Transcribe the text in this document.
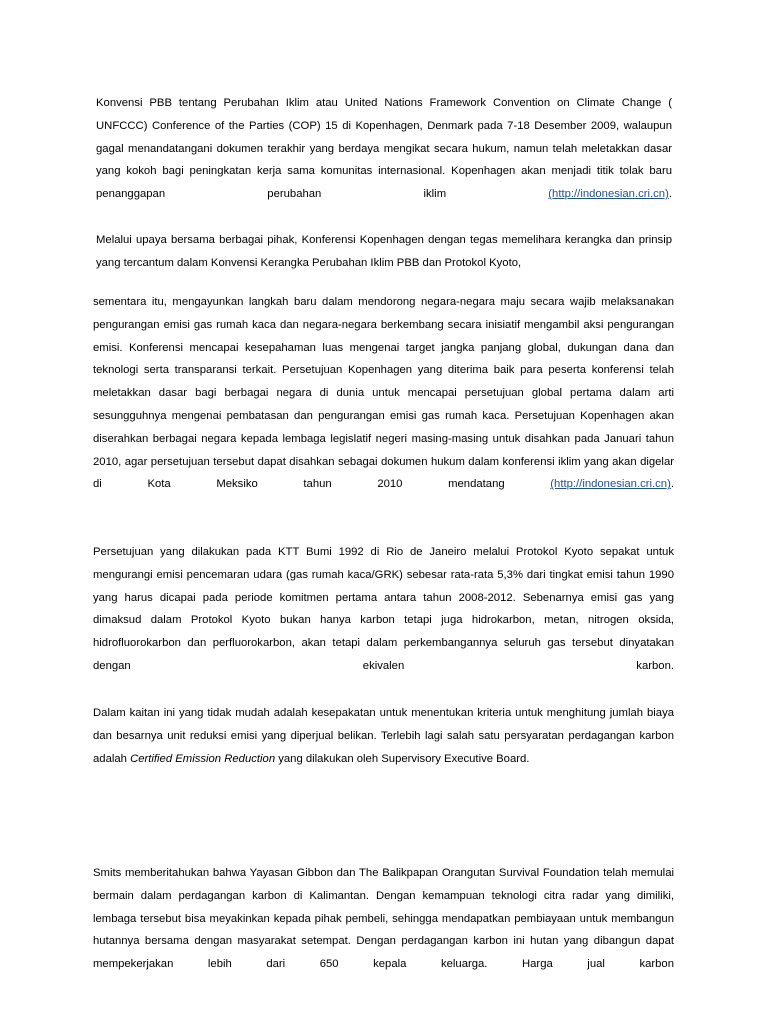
Konvensi PBB tentang Perubahan Iklim atau United Nations Framework Convention on Climate Change ( UNFCCC) Conference of the Parties (COP) 15 di Kopenhagen, Denmark pada 7-18 Desember 2009, walaupun gagal menandatangani dokumen terakhir yang berdaya mengikat secara hukum, namun telah meletakkan dasar yang kokoh bagi peningkatan kerja sama komunitas internasional. Kopenhagen akan menjadi titik tolak baru penanggapan perubahan iklim (http://indonesian.cri.cn).

Melalui upaya bersama berbagai pihak, Konferensi Kopenhagen dengan tegas memelihara kerangka dan prinsip yang tercantum dalam Konvensi Kerangka Perubahan Iklim PBB dan Protokol Kyoto,

sementara itu, mengayunkan langkah baru dalam mendorong negara-negara maju secara wajib melaksanakan pengurangan emisi gas rumah kaca dan negara-negara berkembang secara inisiatif mengambil aksi pengurangan emisi. Konferensi mencapai kesepahaman luas mengenai target jangka panjang global, dukungan dana dan teknologi serta transparansi terkait. Persetujuan Kopenhagen yang diterima baik para peserta konferensi telah meletakkan dasar bagi berbagai negara di dunia untuk mencapai persetujuan global pertama dalam arti sesungguhnya mengenai pembatasan dan pengurangan emisi gas rumah kaca. Persetujuan Kopenhagen akan diserahkan berbagai negara kepada lembaga legislatif negeri masing-masing untuk disahkan pada Januari tahun 2010, agar persetujuan tersebut dapat disahkan sebagai dokumen hukum dalam konferensi iklim yang akan digelar di Kota Meksiko tahun 2010 mendatang (http://indonesian.cri.cn).

Persetujuan yang dilakukan pada KTT Bumi 1992 di Rio de Janeiro melalui Protokol Kyoto sepakat untuk mengurangi emisi pencemaran udara (gas rumah kaca/GRK) sebesar rata-rata 5,3% dari tingkat emisi tahun 1990 yang harus dicapai pada periode komitmen pertama antara tahun 2008-2012. Sebenarnya emisi gas yang dimaksud dalam Protokol Kyoto bukan hanya karbon tetapi juga hidrokarbon, metan, nitrogen oksida, hidrofluorokarbon dan perfluorokarbon, akan tetapi dalam perkembangannya seluruh gas tersebut dinyatakan dengan ekivalen karbon.

Dalam kaitan ini yang tidak mudah adalah kesepakatan untuk menentukan kriteria untuk menghitung jumlah biaya dan besarnya unit reduksi emisi yang diperjual belikan. Terlebih lagi salah satu persyaratan perdagangan karbon adalah Certified Emission Reduction yang dilakukan oleh Supervisory Executive Board.

Smits memberitahukan bahwa Yayasan Gibbon dan The Balikpapan Orangutan Survival Foundation telah memulai bermain dalam perdagangan karbon di Kalimantan. Dengan kemampuan teknologi citra radar yang dimiliki, lembaga tersebut bisa meyakinkan kepada pihak pembeli, sehingga mendapatkan pembiayaan untuk membangun hutannya bersama dengan masyarakat setempat. Dengan perdagangan karbon ini hutan yang dibangun dapat mempekerjakan lebih dari 650 kepala keluarga. Harga jual karbon
